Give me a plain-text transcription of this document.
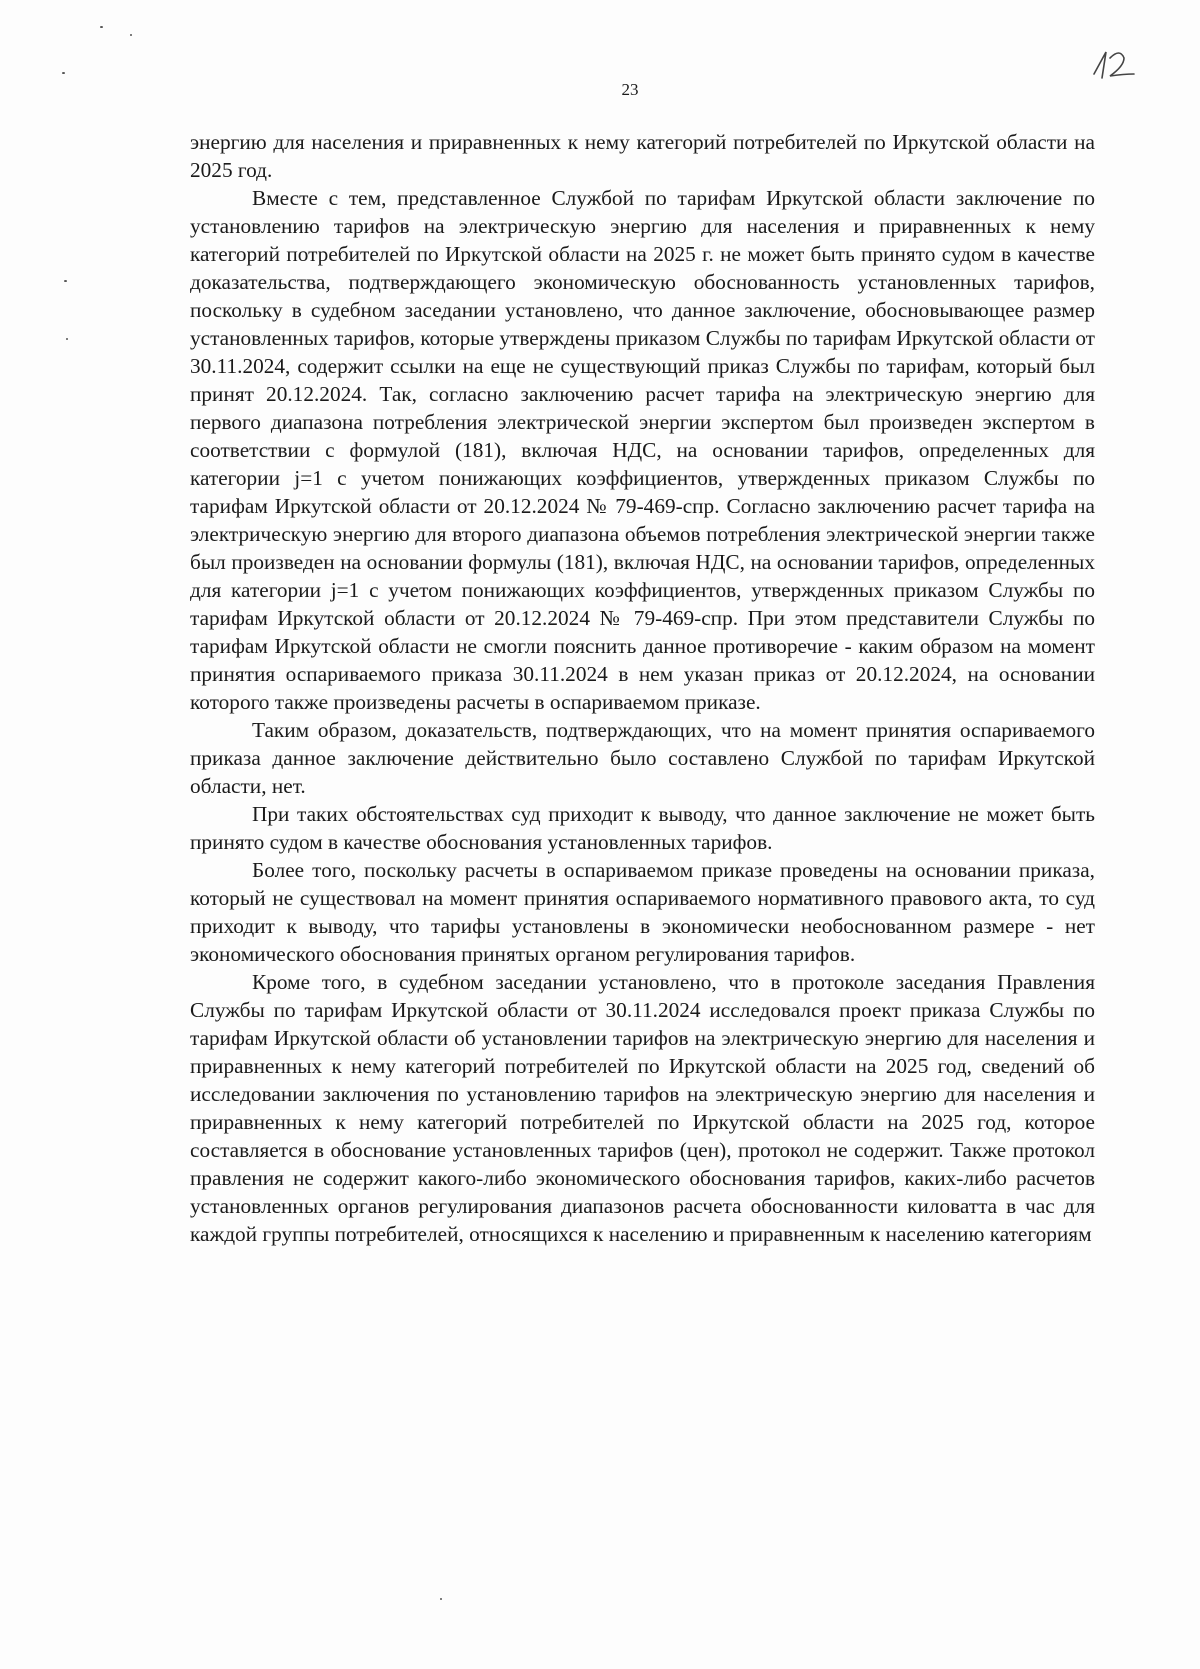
23

энергию для населения и приравненных к нему категорий потребителей по Иркутской области на 2025 год.

Вместе с тем, представленное Службой по тарифам Иркутской области заключение по установлению тарифов на электрическую энергию для населения и приравненных к нему категорий потребителей по Иркутской области на 2025 г. не может быть принято судом в качестве доказательства, подтверждающего экономическую обоснованность установленных тарифов, поскольку в судебном заседании установлено, что данное заключение, обосновывающее размер установленных тарифов, которые утверждены приказом Службы по тарифам Иркутской области от 30.11.2024, содержит ссылки на еще не существующий приказ Службы по тарифам, который был принят 20.12.2024. Так, согласно заключению расчет тарифа на электрическую энергию для первого диапазона потребления электрической энергии экспертом был произведен экспертом в соответствии с формулой (181), включая НДС, на основании тарифов, определенных для категории j=1 с учетом понижающих коэффициентов, утвержденных приказом Службы по тарифам Иркутской области от 20.12.2024 № 79-469-спр. Согласно заключению расчет тарифа на электрическую энергию для второго диапазона объемов потребления электрической энергии также был произведен на основании формулы (181), включая НДС, на основании тарифов, определенных для категории j=1 с учетом понижающих коэффициентов, утвержденных приказом Службы по тарифам Иркутской области от 20.12.2024 № 79-469-спр. При этом представители Службы по тарифам Иркутской области не смогли пояснить данное противоречие - каким образом на момент принятия оспариваемого приказа 30.11.2024 в нем указан приказ от 20.12.2024, на основании которого также произведены расчеты в оспариваемом приказе.

Таким образом, доказательств, подтверждающих, что на момент принятия оспариваемого приказа данное заключение действительно было составлено Службой по тарифам Иркутской области, нет.

При таких обстоятельствах суд приходит к выводу, что данное заключение не может быть принято судом в качестве обоснования установленных тарифов.

Более того, поскольку расчеты в оспариваемом приказе проведены на основании приказа, который не существовал на момент принятия оспариваемого нормативного правового акта, то суд приходит к выводу, что тарифы установлены в экономически необоснованном размере - нет экономического обоснования принятых органом регулирования тарифов.

Кроме того, в судебном заседании установлено, что в протоколе заседания Правления Службы по тарифам Иркутской области от 30.11.2024 исследовался проект приказа Службы по тарифам Иркутской области об установлении тарифов на электрическую энергию для населения и приравненных к нему категорий потребителей по Иркутской области на 2025 год, сведений об исследовании заключения по установлению тарифов на электрическую энергию для населения и приравненных к нему категорий потребителей по Иркутской области на 2025 год, которое составляется в обоснование установленных тарифов (цен), протокол не содержит. Также протокол правления не содержит какого-либо экономического обоснования тарифов, каких-либо расчетов установленных органов регулирования диапазонов расчета обоснованности киловатта в час для каждой группы потребителей, относящихся к населению и приравненным к населению категориям
